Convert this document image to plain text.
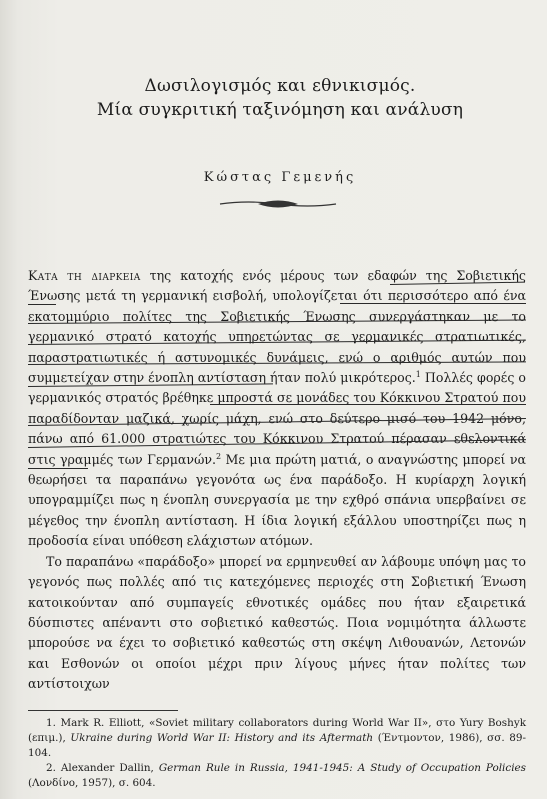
Δωσιλογισμός και εθνικισμός.

Μία συγκριτική ταξινόμηση και ανάλυση

Κώστας Γεμενής

Κατα τη διαρκεια της κατοχής ενός μέρους των εδαφών της Σοβιετικής Ένωσης μετά τη γερμανική εισβολή, υπολογίζεται ότι περισσότερο από ένα εκατομμύριο πολίτες της Σοβιετικής Ένωσης συνεργάστηκαν με το γερμανικό στρατό κατοχής υπηρετώντας σε γερμανικές στρατιωτικές, παραστρατιωτικές ή αστυνομικές δυνάμεις, ενώ ο αριθμός αυτών που συμμετείχαν στην ένοπλη αντίσταση ήταν πολύ μικρότερος.$^1$ Πολλές φορές ο γερμανικός στρατός βρέθηκε μπροστά σε μονάδες του Κόκκινου Στρατού που παραδίδονταν μαζικά, χωρίς μάχη, ενώ στο δεύτερο μισό του 1942 μόνο, πάνω από 61.000 στρατιώτες του Κόκκινου Στρατού πέρασαν εθελοντικά στις γραμμές των Γερμανών.$^2$ Με μια πρώτη ματιά, ο αναγνώστης μπορεί να θεωρήσει τα παραπάνω γεγονότα ως ένα παράδοξο. Η κυρίαρχη λογική υπογραμμίζει πως η ένοπλη συνεργασία με την εχθρό σπάνια υπερβαίνει σε μέγεθος την ένοπλη αντίσταση. Η ίδια λογική εξάλλου υποστηρίζει πως η προδοσία είναι υπόθεση ελάχιστων ατόμων.

Το παραπάνω «παράδοξο» μπορεί να ερμηνευθεί αν λάβουμε υπόψη μας το γεγονός πως πολλές από τις κατεχόμενες περιοχές στη Σοβιετική Ένωση κατοικούνταν από συμπαγείς εθνοτικές ομάδες που ήταν εξαιρετικά δύσπιστες απέναντι στο σοβιετικό καθεστώς. Ποια νομιμότητα άλλωστε μπορούσε να έχει το σοβιετικό καθεστώς στη σκέψη Λιθουανών, Λετονών και Εσθονών οι οποίοι μέχρι πριν λίγους μήνες ήταν πολίτες των αντίστοιχων

1. Mark R. Elliott, «Soviet military collaborators during World War II», στο Yury Boshyk (επιμ.), Ukraine during World War II: History and its Aftermath (Έντμοντον, 1986), σσ. 89-104.

2. Alexander Dallin, German Rule in Russia, 1941-1945: A Study of Occupation Policies (Λονδίνο, 1957), σ. 604.
